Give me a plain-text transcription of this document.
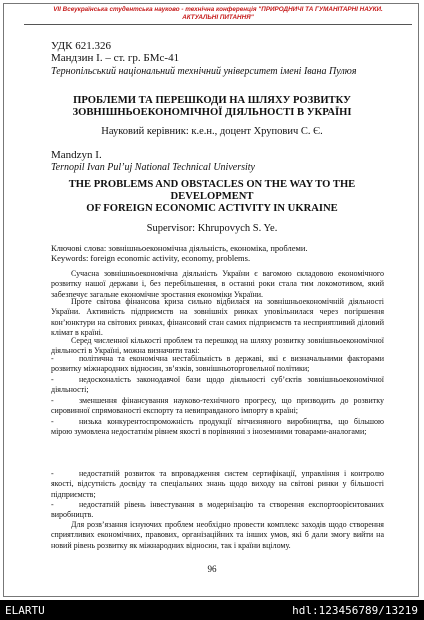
VII Всеукраїнська студентська науково - технічна конференція "ПРИРОДНИЧІ ТА ГУМАНІТАРНІ НАУКИ.
АКТУАЛЬНІ ПИТАННЯ"
УДК 621.326
Мандзин І. – ст. гр. БМс-41
Тернопільський національний технічний університет імені Івана Пулюя
ПРОБЛЕМИ ТА ПЕРЕШКОДИ НА ШЛЯХУ РОЗВИТКУ
ЗОВНІШНЬОЕКОНОМІЧНОЇ ДІЯЛЬНОСТІ В УКРАЇНІ
Науковий керівник: к.е.н., доцент Хрупович С. Є.
Mandzyn I.
Ternopil Ivan Pul’uj National Technical University
THE PROBLEMS AND OBSTACLES ON THE WAY TO THE
DEVELOPMENT
OF FOREIGN ECONOMIC ACTIVITY IN UKRAINE
Supervisor: Khrupovych S. Ye.
Ключові слова: зовнішньоекономічна діяльність, економіка, проблеми.
Keywords: foreign economic activity, economy, problems.
Сучасна зовнішньоекономічна діяльність України є вагомою складовою економічного розвитку нашої держави і, без перебільшення, в останні роки стала тим локомотивом, який забезпечує загальне економічне зростання економіки України.
Проте світова фінансова криза сильно відбилася на зовнішньоекономічній діяльності України. Активність підприємств на зовнішніх ринках уповільнилася через погіршення кон’юнктури на світових ринках, фінансовий стан самих підприємств та несприятливий діловий клімат в країні.
Серед численної кількості проблем та перешкод на шляху розвитку зовнішньоекономічної діяльності в Україні, можна визначити такі:
-	політична та економічна нестабільність в державі, які є визначальними факторами розвитку міжнародних відносин, зв’язків, зовнішньоторговельної політики;
-	недосконалість законодавчої бази щодо діяльності суб’єктів зовнішньоекономічної діяльності;
-	зменшення фінансування науково-технічного прогресу, що призводить до розвитку сировинної спрямованості експорту та невиправданого імпорту в країні;
-	низька конкурентоспроможність продукції вітчизняного виробництва, що більшою мірою зумовлена недостатнім рівнем якості в порівнянні з іноземними товарами-аналогами;
-	недостатній розвиток та впровадження систем сертифікації, управління і контролю якості, відсутність досвіду та спеціальних знань щодо виходу на світові ринки у більшості підприємств;
-	недостатній рівень інвестування в модернізацію та створення експортоорієнтованих виробництв.
Для розв’язання існуючих проблем необхідно провести комплекс заходів щодо створення сприятливих економічних, правових, організаційних та інших умов, які б дали змогу вийти на новий рівень розвитку як міжнародних відносин, так і країни вцілому.
96
ELARTU	hdl:123456789/13219
